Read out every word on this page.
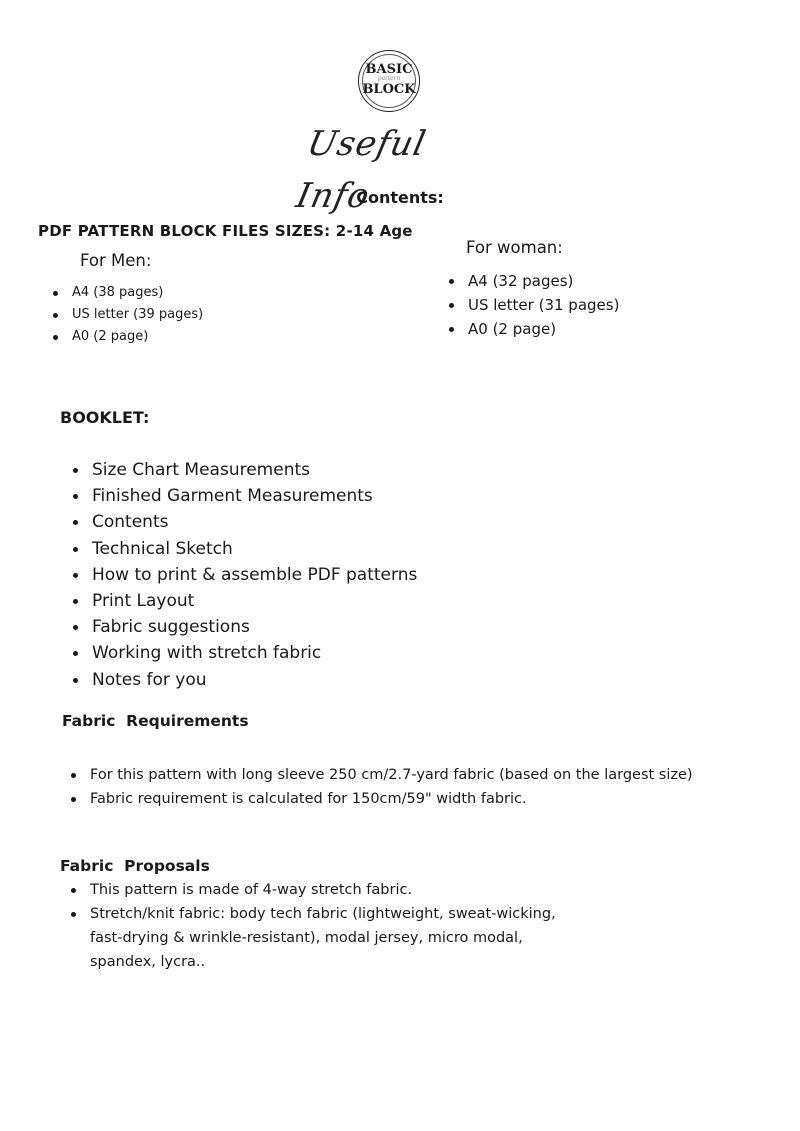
BASIC
pattern
BLOCK
Useful Info
Contents:
PDF PATTERN BLOCK FILES SIZES: 2-14 Age
For Men:
A4 (38 pages)
US letter (39 pages)
A0 (2 page)
For woman:
A4 (32 pages)
US letter (31 pages)
A0 (2 page)
BOOKLET:
Size Chart Measurements
Finished Garment Measurements
Contents
Technical Sketch
How to print & assemble PDF patterns
Print Layout
Fabric suggestions
Working with stretch fabric
Notes for you
Fabric  Requirements
For this pattern with long sleeve 250 cm/2.7-yard fabric (based on the largest size)
Fabric requirement is calculated for 150cm/59" width fabric.
Fabric  Proposals
This pattern is made of 4-way stretch fabric.
Stretch/knit fabric: body tech fabric (lightweight, sweat-wicking, fast-drying & wrinkle-resistant), modal jersey, micro modal, spandex, lycra..
